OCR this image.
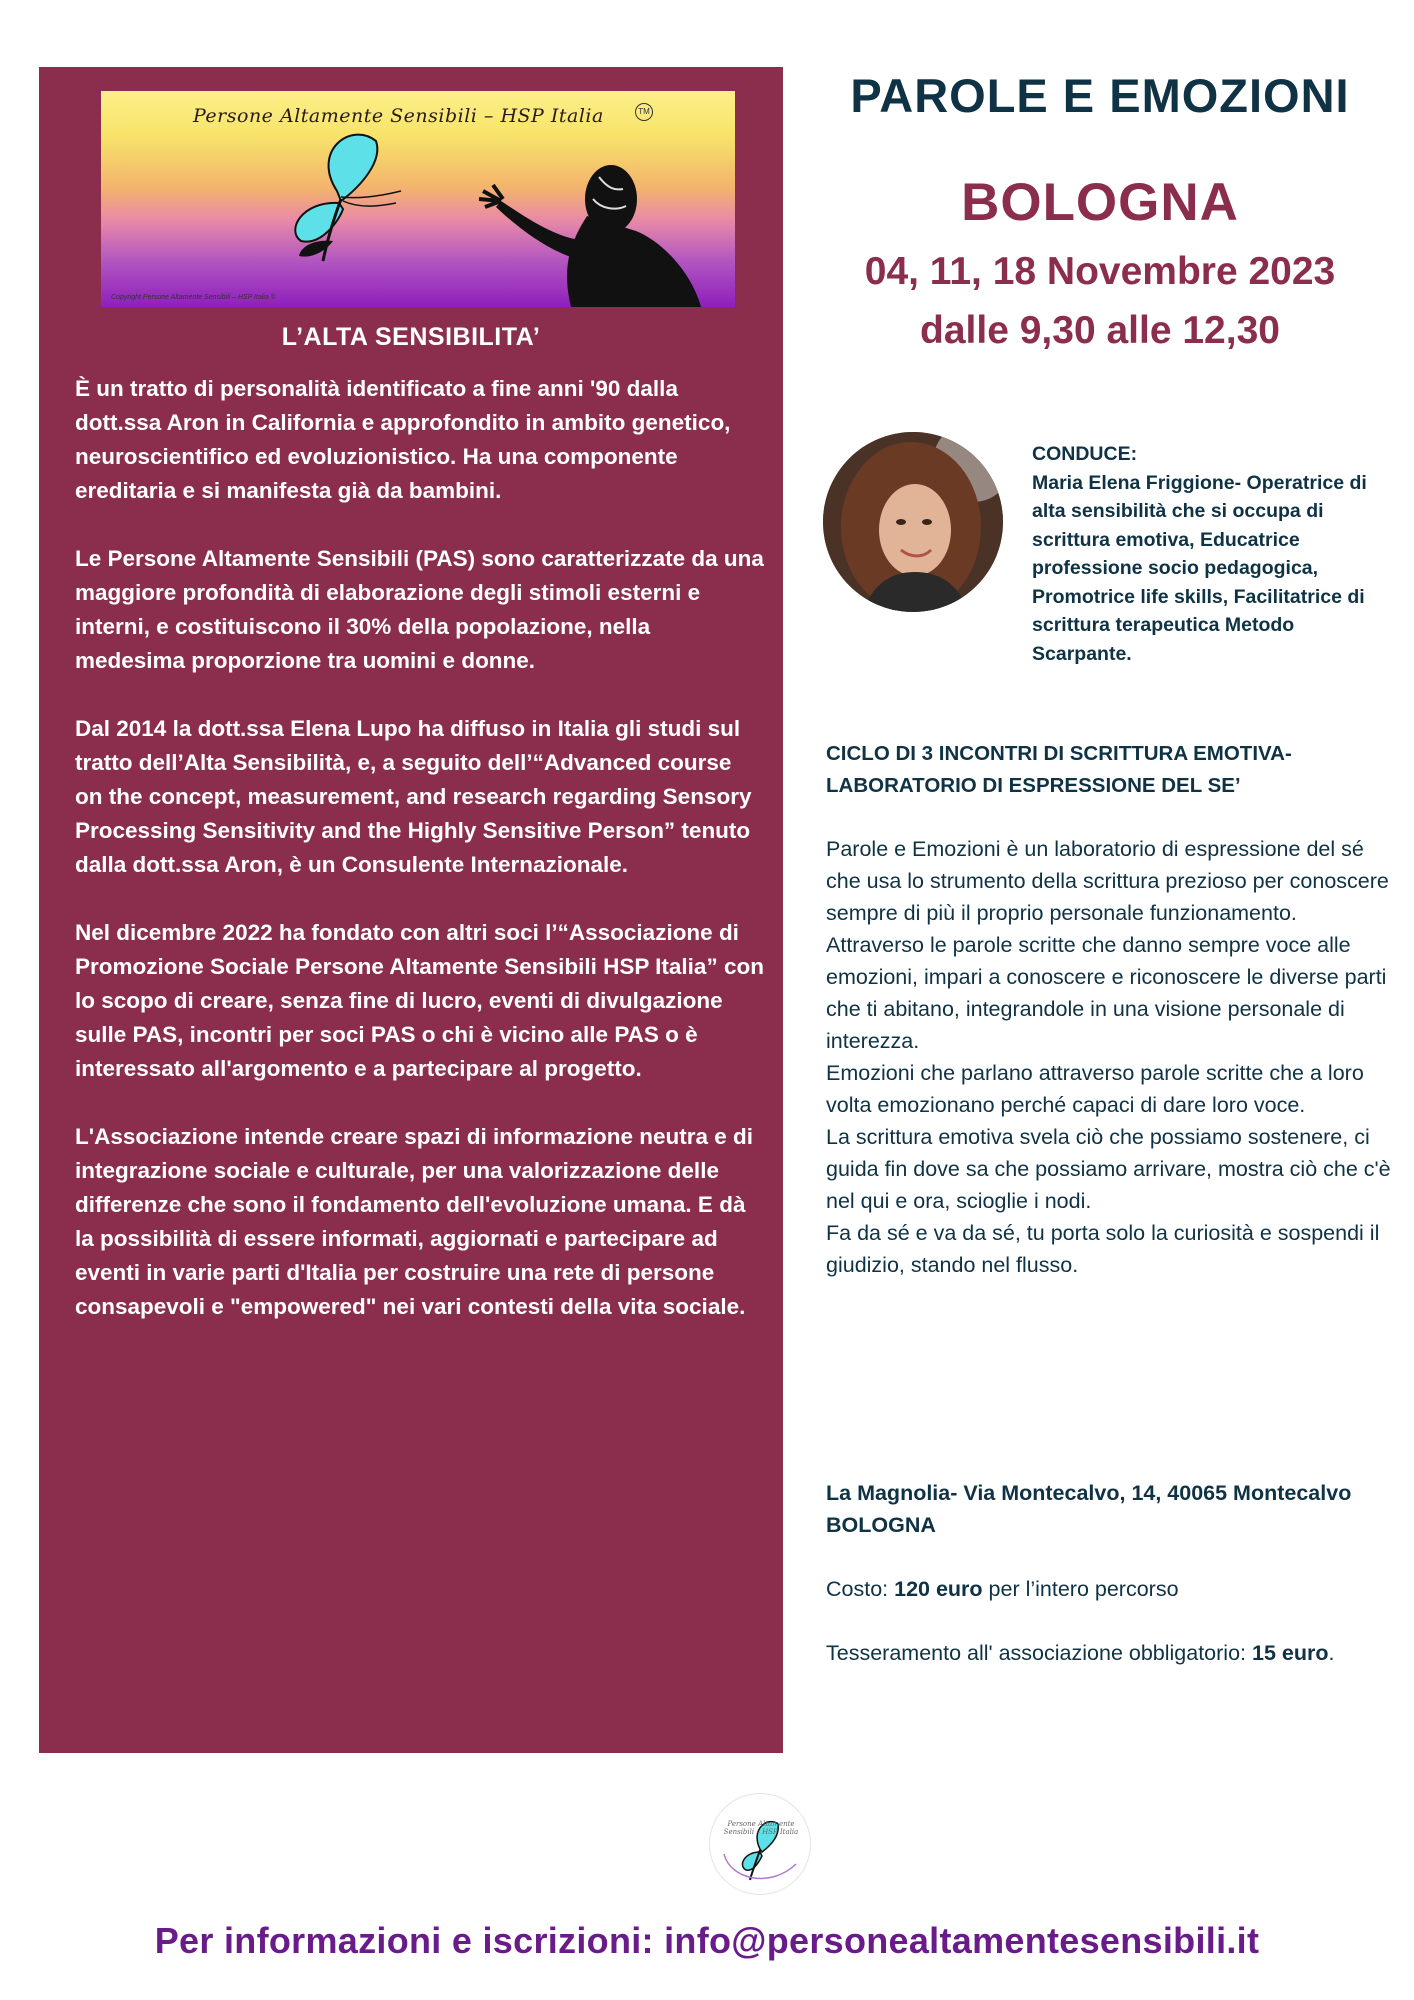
Persone Altamente Sensibili – HSP Italia	TM
Copyright Persone Altamente Sensibili – HSP Italia ©
L’ALTA SENSIBILITA’

È un tratto di personalità identificato a fine anni '90 dalla dott.ssa Aron in California e approfondito in ambito genetico, neuroscientifico ed evoluzionistico. Ha una componente ereditaria e si manifesta già da bambini.

Le Persone Altamente Sensibili (PAS) sono caratterizzate da una maggiore profondità di elaborazione degli stimoli esterni e interni, e costituiscono il 30% della popolazione, nella medesima proporzione tra uomini e donne.

Dal 2014 la dott.ssa Elena Lupo ha diffuso in Italia gli studi sul tratto dell’Alta Sensibilità, e, a seguito dell’“Advanced course on the concept, measurement, and research regarding Sensory Processing Sensitivity and the Highly Sensitive Person” tenuto dalla dott.ssa Aron, è un Consulente Internazionale.

Nel dicembre 2022 ha fondato con altri soci l’“Associazione di Promozione Sociale Persone Altamente Sensibili HSP Italia” con lo scopo di creare, senza fine di lucro, eventi di divulgazione sulle PAS, incontri per soci PAS o chi è vicino alle PAS o è interessato all'argomento e a partecipare al progetto.

L'Associazione intende creare spazi di informazione neutra e di integrazione sociale e culturale, per una valorizzazione delle differenze che sono il fondamento dell'evoluzione umana. E dà la possibilità di essere informati, aggiornati e partecipare ad eventi in varie parti d'Italia per costruire una rete di persone consapevoli e "empowered" nei vari contesti della vita sociale.

PAROLE E EMOZIONI
BOLOGNA
04, 11, 18 Novembre 2023
dalle 9,30 alle 12,30
CONDUCE:
Maria Elena Friggione- Operatrice di alta sensibilità che si occupa di scrittura emotiva, Educatrice professione socio pedagogica, Promotrice life skills, Facilitatrice di scrittura terapeutica Metodo Scarpante.
CICLO DI 3 INCONTRI DI SCRITTURA EMOTIVA- LABORATORIO DI ESPRESSIONE DEL SE’

Parole e Emozioni è un laboratorio di espressione del sé che usa lo strumento della scrittura prezioso per conoscere sempre di più il proprio personale funzionamento.

Attraverso le parole scritte che danno sempre voce alle emozioni, impari a conoscere e riconoscere le diverse parti che ti abitano, integrandole in una visione personale di interezza.

Emozioni che parlano attraverso parole scritte che a loro volta emozionano perché capaci di dare loro voce.

La scrittura emotiva svela ciò che possiamo sostenere, ci guida fin dove sa che possiamo arrivare, mostra ciò che c'è nel qui e ora, scioglie i nodi.

Fa da sé e va da sé, tu porta solo la curiosità e sospendi il giudizio, stando nel flusso.

La Magnolia- Via Montecalvo, 14, 40065 Montecalvo BOLOGNA
Costo: 120 euro per l’intero percorso
Tesseramento all' associazione obbligatorio: 15 euro.
Persone Altamente Sensibili – HSP Italia
Per informazioni e iscrizioni: info@personealtamentesensibili.it
